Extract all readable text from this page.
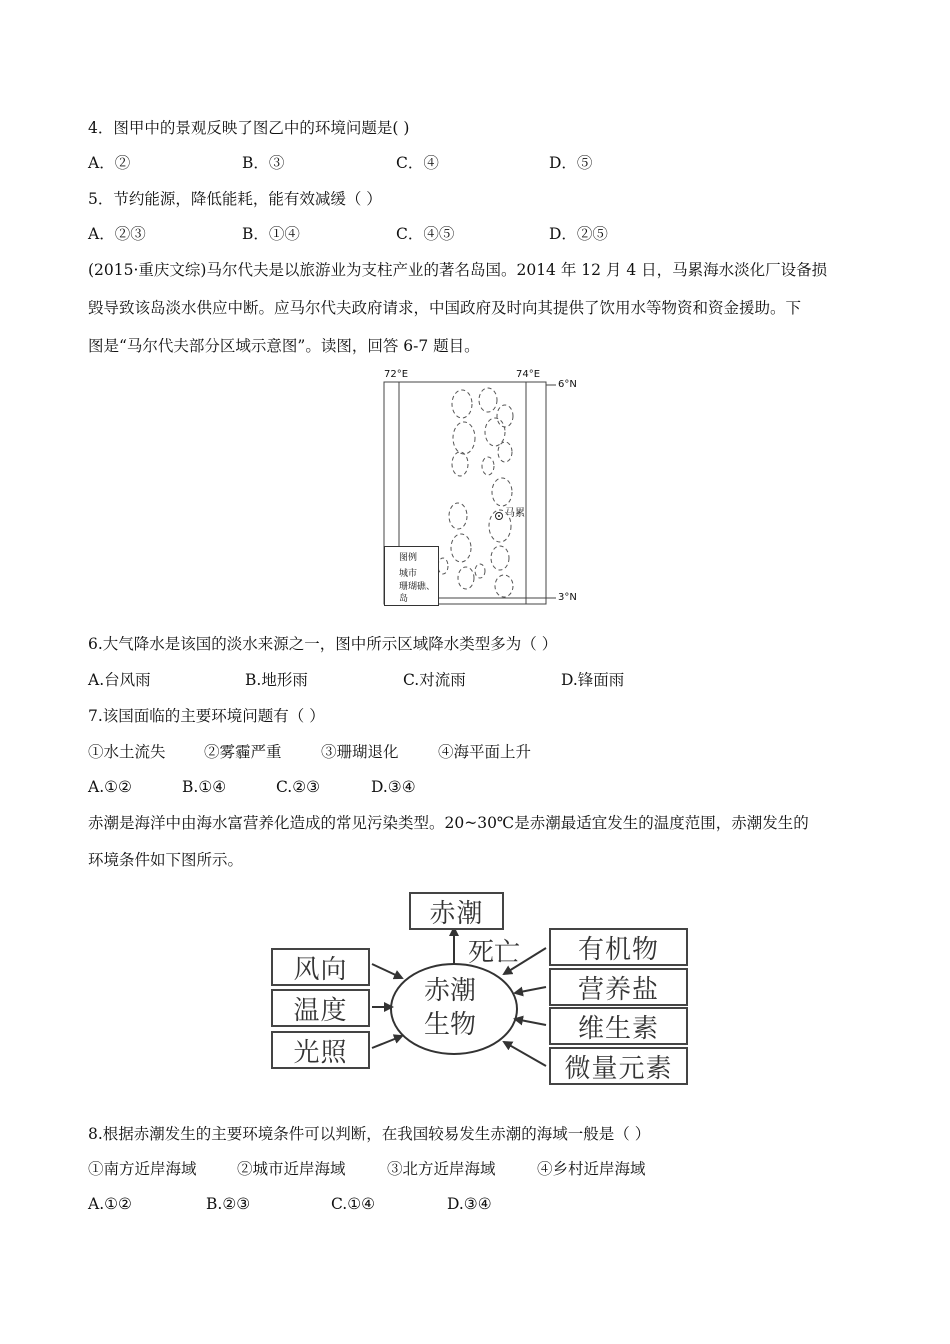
4．图甲中的景观反映了图乙中的环境问题是( )
A．②	B．③	C．④	D．⑤
5．节约能源，降低能耗，能有效减缓（ ）
A．②③	B．①④	C．④⑤	D．②⑤
(2015·重庆文综)马尔代夫是以旅游业为支柱产业的著名岛国。2014 年 12 月 4 日，马累海水淡化厂设备损
毁导致该岛淡水供应中断。应马尔代夫政府请求，中国政府及时向其提供了饮用水等物资和资金援助。下
图是“马尔代夫部分区域示意图”。读图，回答 6-7 题目。
72°E	74°E
6°N
3°N
马累
图例
城市
珊瑚礁、
岛
6.大气降水是该国的淡水来源之一，图中所示区域降水类型多为（ ）
A.台风雨	B.地形雨	C.对流雨	D.锋面雨
7.该国面临的主要环境问题有（ ）
①水土流失 ②雾霾严重	③珊瑚退化	④海平面上升
A.①②	B.①④	C.②③	D.③④
赤潮是海洋中由海水富营养化造成的常见污染类型。20~30℃是赤潮最适宜发生的温度范围，赤潮发生的
环境条件如下图所示。
赤潮
死亡
赤潮
生物
风向
温度
光照
有机物
营养盐
维生素
微量元素
8.根据赤潮发生的主要环境条件可以判断，在我国较易发生赤潮的海域一般是（ ）
①南方近岸海域	②城市近岸海域	③北方近岸海域	④乡村近岸海域
A.①②	B.②③	C.①④	D.③④
